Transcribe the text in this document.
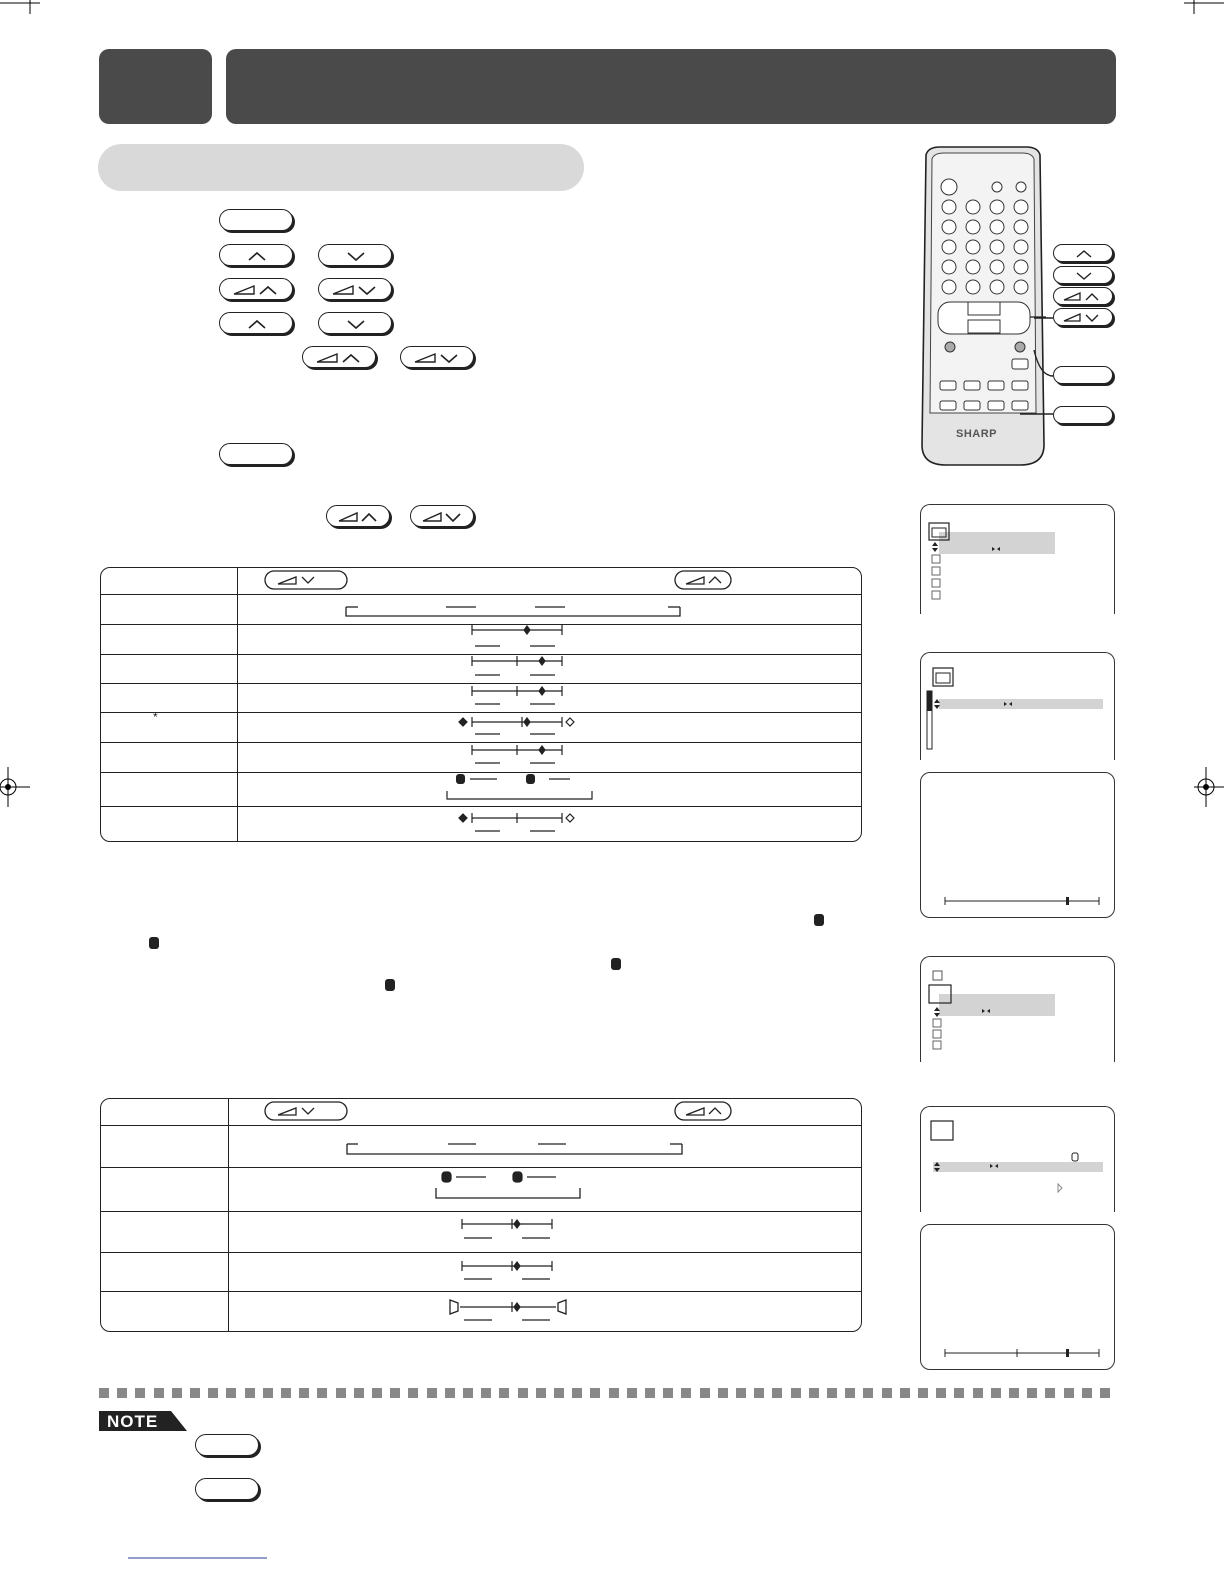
*
SHARP
NOTE
